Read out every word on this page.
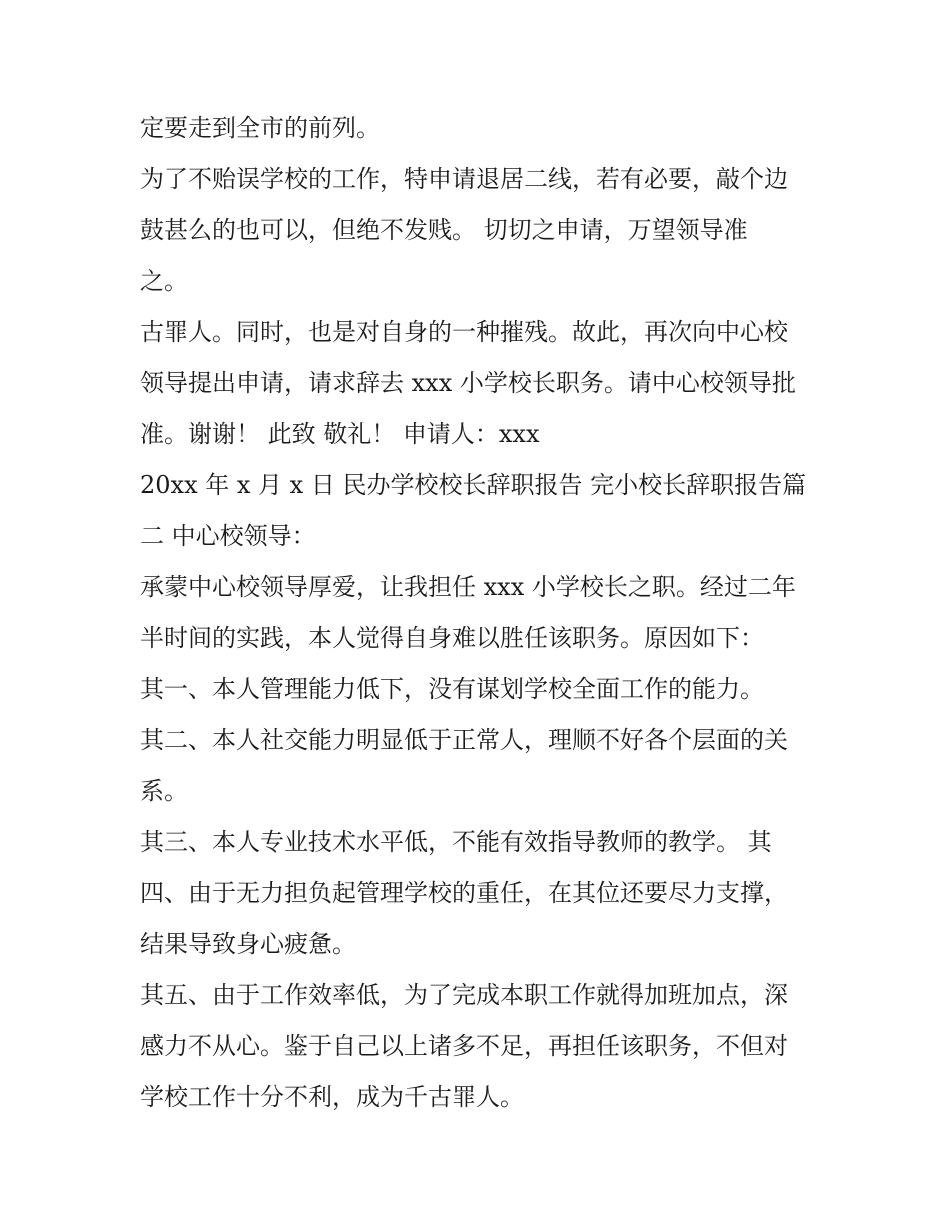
定要走到全市的前列。
为了不贻误学校的工作，特申请退居二线，若有必要，敲个边
鼓甚么的也可以，但绝不发贱。 切切之申请，万望领导准
之。
古罪人。同时，也是对自身的一种摧残。故此，再次向中心校
领导提出申请，请求辞去 xxx 小学校长职务。请中心校领导批
准。谢谢！ 此致 敬礼！ 申请人：xxx
20xx 年 x 月 x 日 民办学校校长辞职报告 完小校长辞职报告篇
二 中心校领导：
承蒙中心校领导厚爱，让我担任 xxx 小学校长之职。经过二年
半时间的实践，本人觉得自身难以胜任该职务。原因如下：
其一、本人管理能力低下，没有谋划学校全面工作的能力。
其二、本人社交能力明显低于正常人，理顺不好各个层面的关
系。
其三、本人专业技术水平低，不能有效指导教师的教学。 其
四、由于无力担负起管理学校的重任，在其位还要尽力支撑，
结果导致身心疲惫。
其五、由于工作效率低，为了完成本职工作就得加班加点，深
感力不从心。鉴于自己以上诸多不足，再担任该职务，不但对
学校工作十分不利，成为千古罪人。
